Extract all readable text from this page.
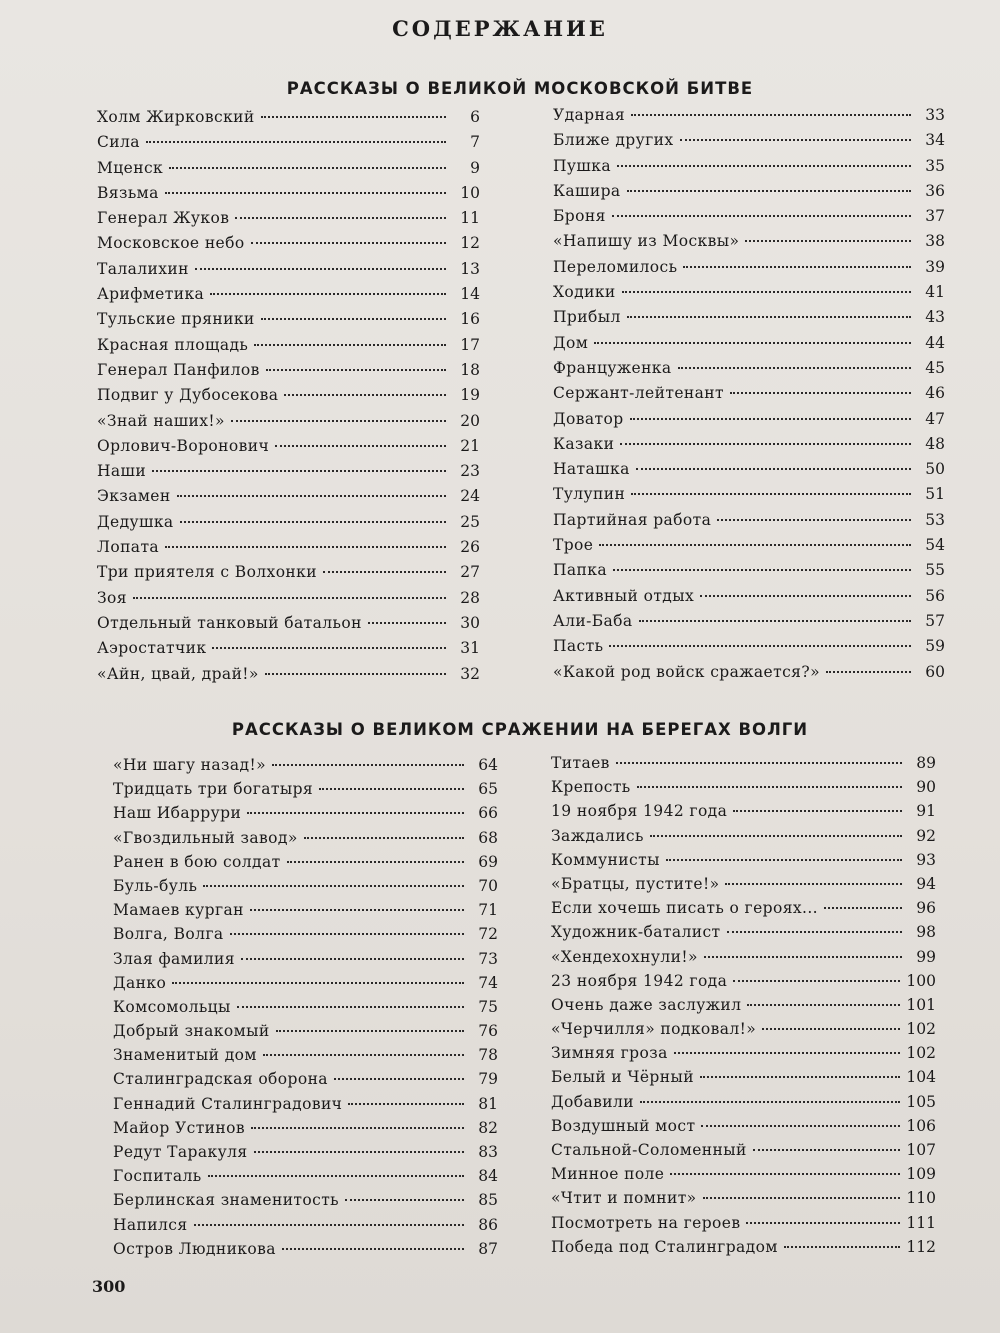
СОДЕРЖАНИЕ
РАССКАЗЫ О ВЕЛИКОЙ МОСКОВСКОЙ БИТВЕ
Холм Жирковский	6
Сила	7
Мценск	9
Вязьма	10
Генерал Жуков	11
Московское небо	12
Талалихин	13
Арифметика	14
Тульские пряники	16
Красная площадь	17
Генерал Панфилов	18
Подвиг у Дубосекова	19
«Знай наших!»	20
Орлович-Воронович	21
Наши	23
Экзамен	24
Дедушка	25
Лопата	26
Три приятеля с Волхонки	27
Зоя	28
Отдельный танковый батальон	30
Аэростатчик	31
«Айн, цвай, драй!»	32
Ударная	33
Ближе других	34
Пушка	35
Кашира	36
Броня	37
«Напишу из Москвы»	38
Переломилось	39
Ходики	41
Прибыл	43
Дом	44
Француженка	45
Сержант-лейтенант	46
Доватор	47
Казаки	48
Наташка	50
Тулупин	51
Партийная работа	53
Трое	54
Папка	55
Активный отдых	56
Али-Баба	57
Пасть	59
«Какой род войск сражается?»	60
РАССКАЗЫ О ВЕЛИКОМ СРАЖЕНИИ НА БЕРЕГАХ ВОЛГИ
«Ни шагу назад!»	64
Тридцать три богатыря	65
Наш Ибаррури	66
«Гвоздильный завод»	68
Ранен в бою солдат	69
Буль-буль	70
Мамаев курган	71
Волга, Волга	72
Злая фамилия	73
Данко	74
Комсомольцы	75
Добрый знакомый	76
Знаменитый дом	78
Сталинградская оборона	79
Геннадий Сталинградович	81
Майор Устинов	82
Редут Таракуля	83
Госпиталь	84
Берлинская знаменитость	85
Напился	86
Остров Людникова	87
Титаев	89
Крепость	90
19 ноября 1942 года	91
Заждались	92
Коммунисты	93
«Братцы, пустите!»	94
Если хочешь писать о героях...	96
Художник-баталист	98
«Хендехохнули!»	99
23 ноября 1942 года	100
Очень даже заслужил	101
«Черчилля» подковал!»	102
Зимняя гроза	102
Белый и Чёрный	104
Добавили	105
Воздушный мост	106
Стальной-Соломенный	107
Минное поле	109
«Чтит и помнит»	110
Посмотреть на героев	111
Победа под Сталинградом	112
300
